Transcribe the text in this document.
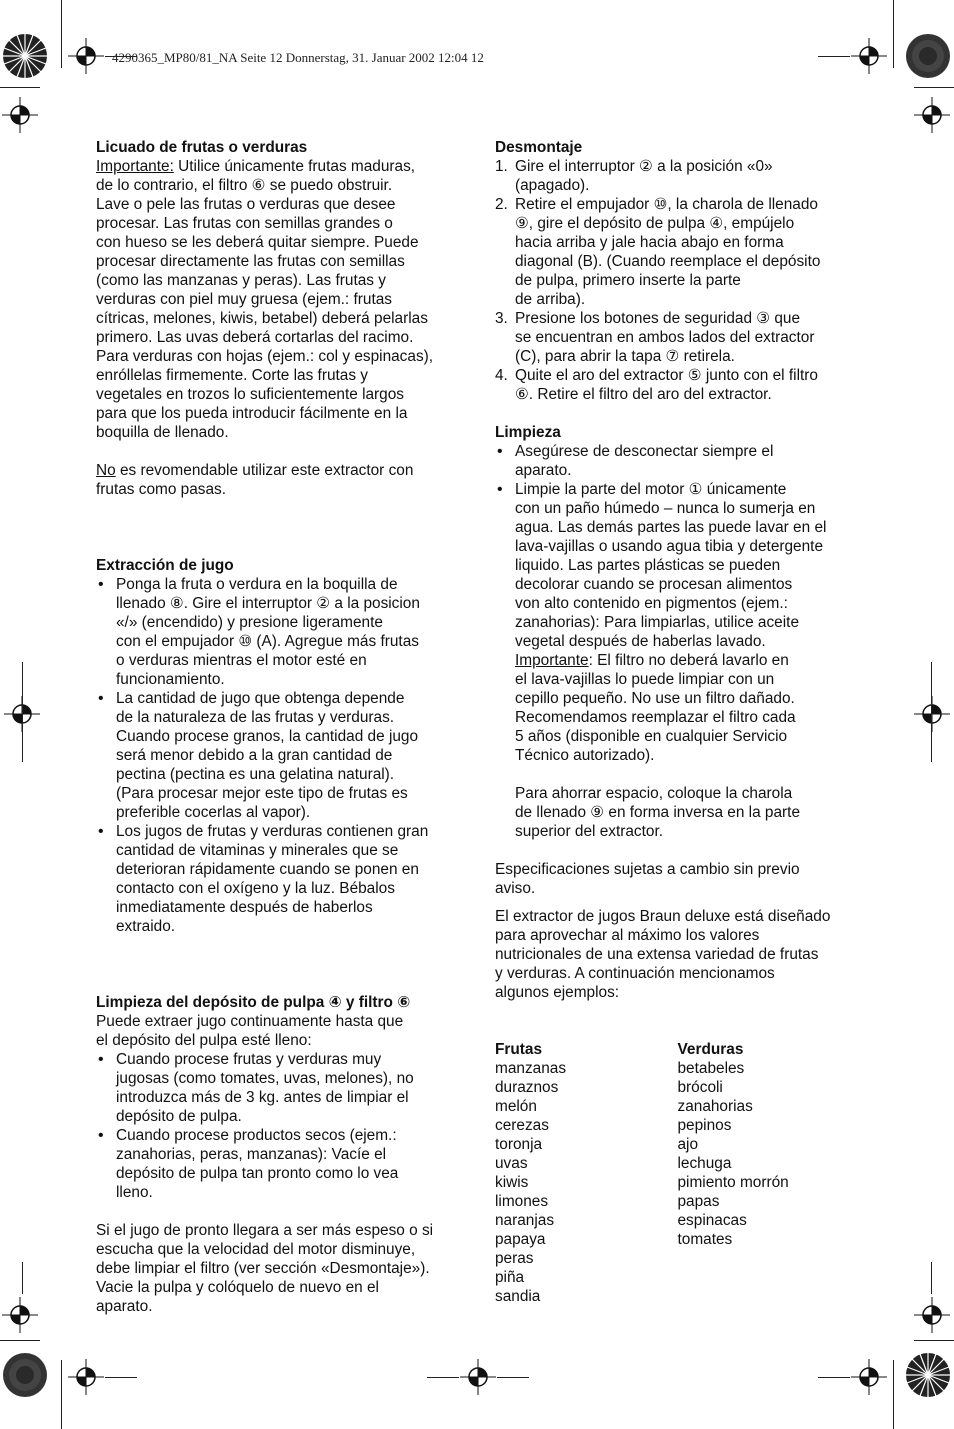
4290365_MP80/81_NA Seite 12 Donnerstag, 31. Januar 2002 12:04 12
Licuado de frutas o verduras
Importante: Utilice únicamente frutas maduras,
de lo contrario, el filtro ⑥ se puedo obstruir.
Lave o pele las frutas o verduras que desee
procesar. Las frutas con semillas grandes o
con hueso se les deberá quitar siempre. Puede
procesar directamente las frutas con semillas
(como las manzanas y peras). Las frutas y
verduras con piel muy gruesa (ejem.: frutas
cítricas, melones, kiwis, betabel) deberá pelarlas
primero. Las uvas deberá cortarlas del racimo.
Para verduras con hojas (ejem.: col y espinacas),
enróllelas firmemente. Corte las frutas y
vegetales en trozos lo suficientemente largos
para que los pueda introducir fácilmente en la
boquilla de llenado.
No es revomendable utilizar este extractor con
frutas como pasas.
Extracción de jugo
• Ponga la fruta o verdura en la boquilla de
llenado ⑧. Gire el interruptor ② a la posicion
«/» (encendido) y presione ligeramente
con el empujador ⑩ (A). Agregue más frutas
o verduras mientras el motor esté en
funcionamiento.
• La cantidad de jugo que obtenga depende
de la naturaleza de las frutas y verduras.
Cuando procese granos, la cantidad de jugo
será menor debido a la gran cantidad de
pectina (pectina es una gelatina natural).
(Para procesar mejor este tipo de frutas es
preferible cocerlas al vapor).
• Los jugos de frutas y verduras contienen gran
cantidad de vitaminas y minerales que se
deterioran rápidamente cuando se ponen en
contacto con el oxígeno y la luz. Bébalos
inmediatamente después de haberlos
extraido.
Limpieza del depósito de pulpa ④ y filtro ⑥
Puede extraer jugo continuamente hasta que
el depósito del pulpa esté lleno:
• Cuando procese frutas y verduras muy
jugosas (como tomates, uvas, melones), no
introduzca más de 3 kg. antes de limpiar el
depósito de pulpa.
• Cuando procese productos secos (ejem.:
zanahorias, peras, manzanas): Vacíe el
depósito de pulpa tan pronto como lo vea
lleno.
Si el jugo de pronto llegara a ser más espeso o si
escucha que la velocidad del motor disminuye,
debe limpiar el filtro (ver sección «Desmontaje»).
Vacie la pulpa y colóquelo de nuevo en el
aparato.
Desmontaje
1. Gire el interruptor ② a la posición «0»
(apagado).
2. Retire el empujador ⑩, la charola de llenado
⑨, gire el depósito de pulpa ④, empújelo
hacia arriba y jale hacia abajo en forma
diagonal (B). (Cuando reemplace el depósito
de pulpa, primero inserte la parte
de arriba).
3. Presione los botones de seguridad ③ que
se encuentran en ambos lados del extractor
(C), para abrir la tapa ⑦ retirela.
4. Quite el aro del extractor ⑤ junto con el filtro
⑥. Retire el filtro del aro del extractor.
Limpieza
• Asegúrese de desconectar siempre el
aparato.
• Limpie la parte del motor ① únicamente
con un paño húmedo – nunca lo sumerja en
agua. Las demás partes las puede lavar en el
lava-vajillas o usando agua tibia y detergente
liquido. Las partes plásticas se pueden
decolorar cuando se procesan alimentos
von alto contenido en pigmentos (ejem.:
zanahorias): Para limpiarlas, utilice aceite
vegetal después de haberlas lavado.
Importante: El filtro no deberá lavarlo en
el lava-vajillas lo puede limpiar con un
cepillo pequeño. No use un filtro dañado.
Recomendamos reemplazar el filtro cada
5 años (disponible en cualquier Servicio
Técnico autorizado).
Para ahorrar espacio, coloque la charola
de llenado ⑨ en forma inversa en la parte
superior del extractor.
Especificaciones sujetas a cambio sin previo
aviso.
El extractor de jugos Braun deluxe está diseñado
para aprovechar al máximo los valores
nutricionales de una extensa variedad de frutas
y verduras. A continuación mencionamos
algunos ejemplos:
Frutas
manzanas
duraznos
melón
cerezas
toronja
uvas
kiwis
limones
naranjas
papaya
peras
piña
sandia
Verduras
betabeles
brócoli
zanahorias
pepinos
ajo
lechuga
pimiento morrón
papas
espinacas
tomates
